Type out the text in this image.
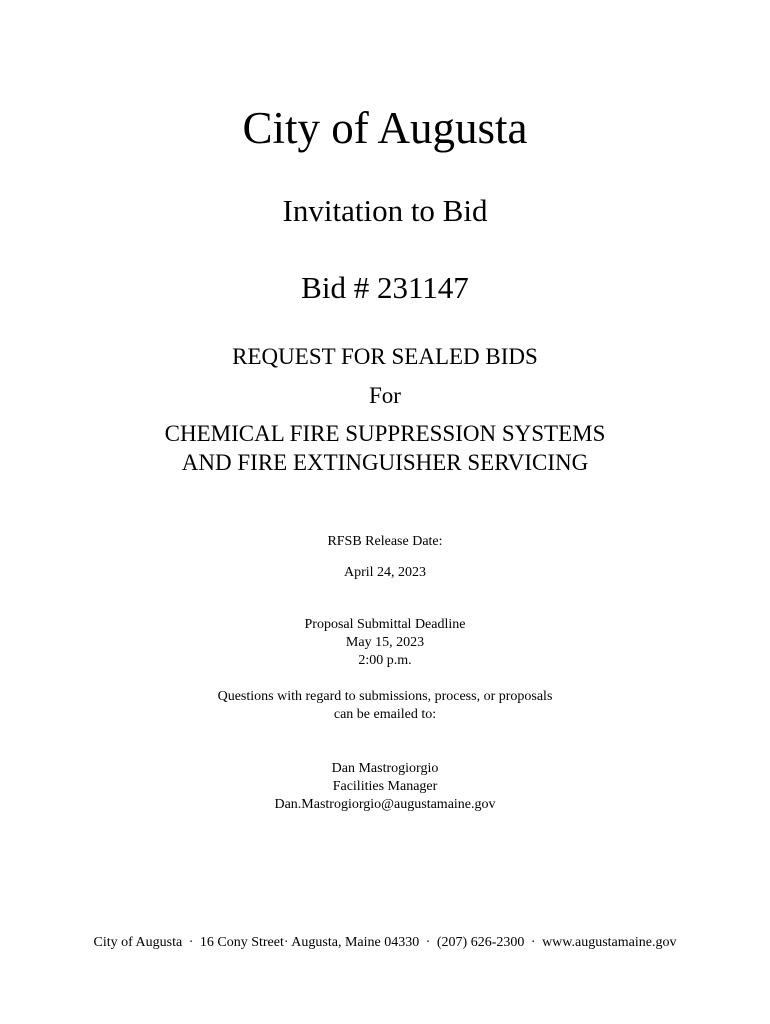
City of Augusta
Invitation to Bid
Bid # 231147
REQUEST FOR SEALED BIDS
For
CHEMICAL FIRE SUPPRESSION SYSTEMS
AND FIRE EXTINGUISHER SERVICING
RFSB Release Date:
April 24, 2023
Proposal Submittal Deadline
May 15, 2023
2:00 p.m.
Questions with regard to submissions, process, or proposals
can be emailed to:
Dan Mastrogiorgio
Facilities Manager
Dan.Mastrogiorgio@augustamaine.gov
City of Augusta · 16 Cony Street· Augusta, Maine 04330 · (207) 626-2300 · www.augustamaine.gov
